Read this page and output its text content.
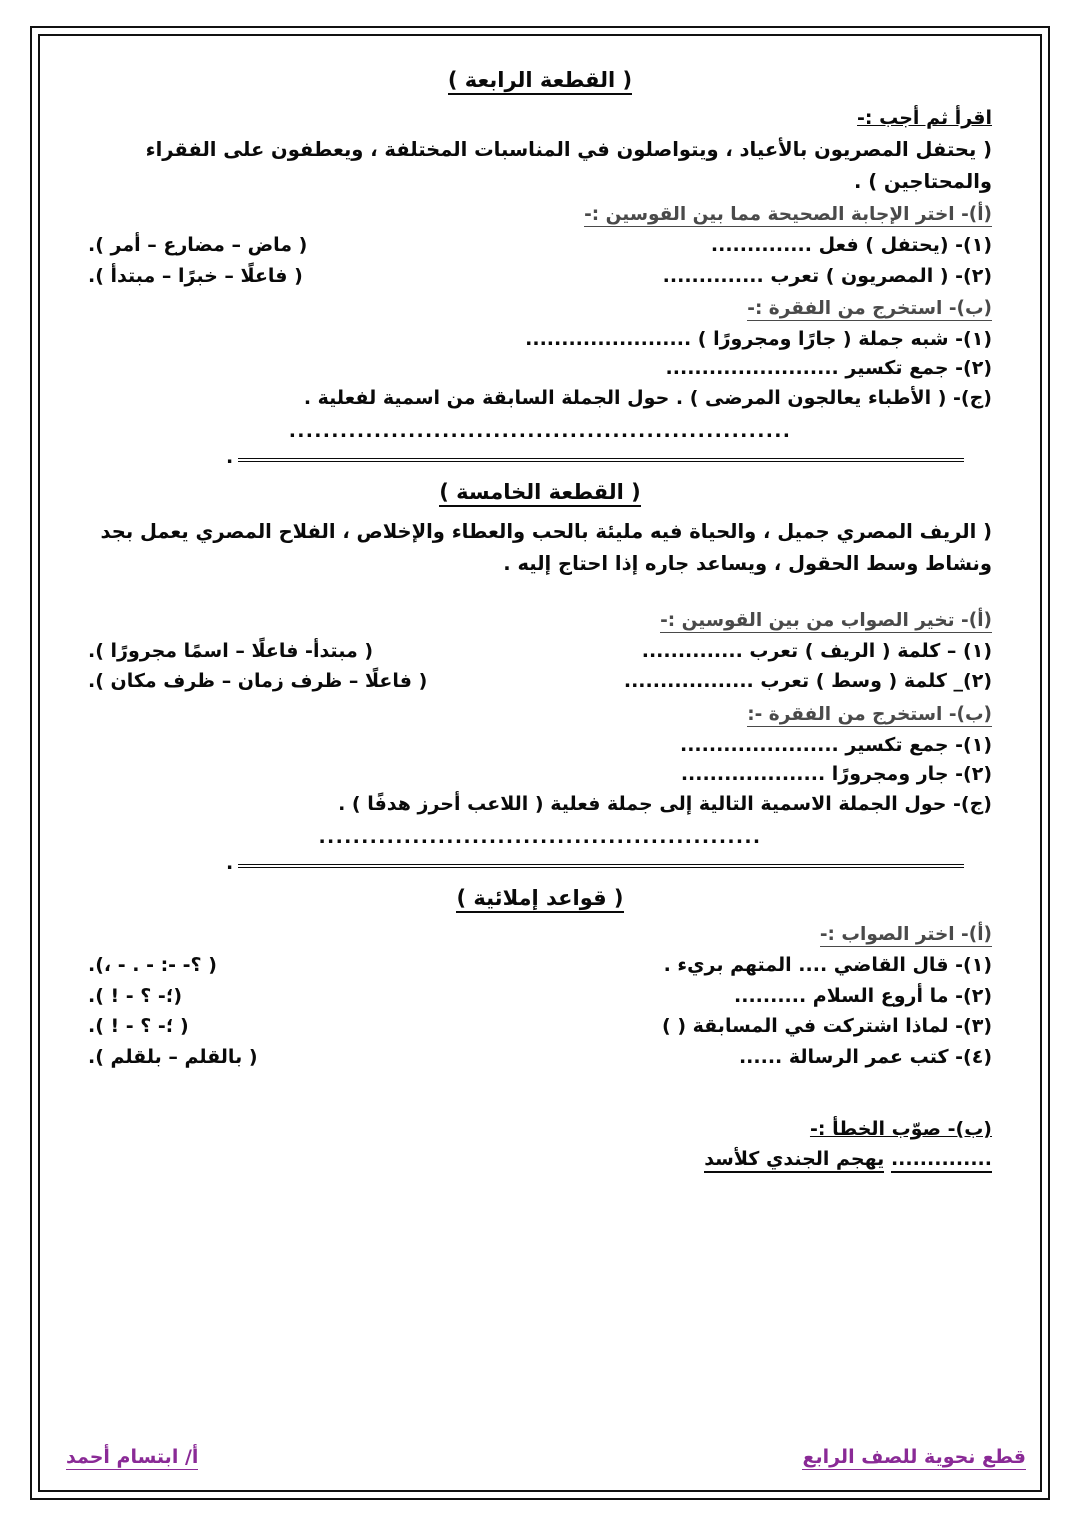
( القطعة الرابعة )
اقرأ ثم أجب :-
( يحتفل المصريون بالأعياد ، ويتواصلون في المناسبات المختلفة ، ويعطفون على الفقراء
والمحتاجين ) .
(أ)- اختر الإجابة الصحيحة مما بين القوسين :-
(١)- (يحتفل ) فعل ..............
( ماض – مضارع – أمر ).
(٢)- ( المصريون ) تعرب ..............
( فاعلًا – خبرًا – مبتدأ ).
(ب)- استخرج من الفقرة :-
(١)- شبه جملة ( جارًا ومجرورًا ) .......................
(٢)- جمع تكسير ........................
(ج)- ( الأطباء يعالجون المرضى ) . حول الجملة السابقة من اسمية لفعلية .
...........................................................
.
( القطعة الخامسة )
( الريف المصري جميل ، والحياة فيه مليئة بالحب والعطاء والإخلاص ، الفلاح المصري يعمل بجد
ونشاط وسط الحقول ، ويساعد جاره إذا احتاج إليه .
(أ)- تخير الصواب من بين القوسين :-
(١) – كلمة ( الريف ) تعرب ..............
( مبتدأ- فاعلًا – اسمًا مجرورًا ).
(٢)_ كلمة ( وسط ) تعرب ..................
( فاعلًا – ظرف زمان – ظرف مكان ).
(ب)- استخرج من الفقرة -:
(١)- جمع تكسير ......................
(٢)- جار ومجرورًا ....................
(ج)- حول الجملة الاسمية التالية إلى جملة فعلية ( اللاعب أحرز هدفًا ) .
....................................................
.
( قواعد إملائية )
(أ)- اختر الصواب :-
(١)- قال القاضي .... المتهم بريء .
( ؟- -: - . - ،).
(٢)- ما أروع السلام ..........
(؛- ؟ - ! ).
(٣)- لماذا اشتركت في المسابقة ( )
( ؛- ؟ - ! ).
(٤)- كتب عمر الرسالة ......
( بالقلم – بلقلم ).
(ب)- صوّب الخطأ :-
.............. يهجم الجندي كلأسد
قطع نحوية للصف الرابع
أ/ ابتسام أحمد
